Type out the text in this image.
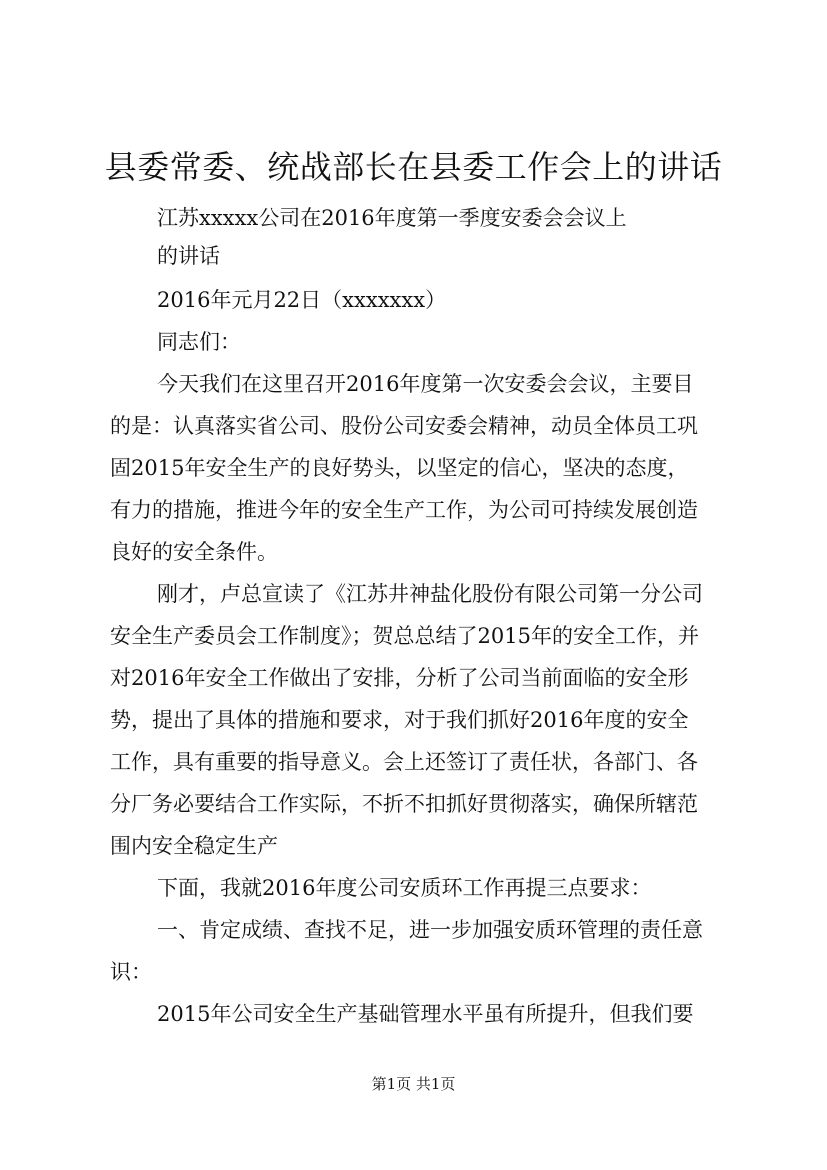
县委常委、统战部长在县委工作会上的讲话
江苏xxxxx公司在2016年度第一季度安委会会议上
的讲话
2016年元月22日（xxxxxxx）
同志们：
今天我们在这里召开2016年度第一次安委会会议，主要目
的是：认真落实省公司、股份公司安委会精神，动员全体员工巩
固2015年安全生产的良好势头，以坚定的信心，坚决的态度，
有力的措施，推进今年的安全生产工作，为公司可持续发展创造
良好的安全条件。
刚才，卢总宣读了《江苏井神盐化股份有限公司第一分公司
安全生产委员会工作制度》；贺总总结了2015年的安全工作，并
对2016年安全工作做出了安排，分析了公司当前面临的安全形
势，提出了具体的措施和要求，对于我们抓好2016年度的安全
工作，具有重要的指导意义。会上还签订了责任状，各部门、各
分厂务必要结合工作实际，不折不扣抓好贯彻落实，确保所辖范
围内安全稳定生产
下面，我就2016年度公司安质环工作再提三点要求：
一、肯定成绩、查找不足，进一步加强安质环管理的责任意
识：
2015年公司安全生产基础管理水平虽有所提升，但我们要
第1页 共1页
